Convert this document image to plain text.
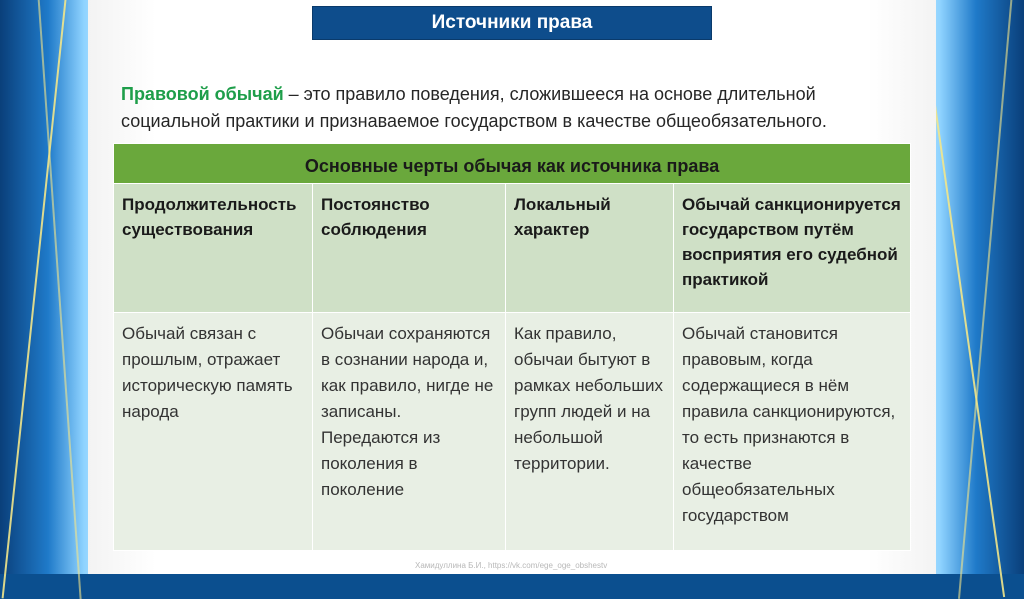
Источники права
Правовой обычай – это правило поведения, сложившееся на основе длительной социальной практики и признаваемое государством в качестве общеобязательного.
Основные черты обычая как источника права			
Продолжительность существования	Постоянство соблюдения	Локальный характер	Обычай санкционируется государством путём восприятия его судебной практикой
Обычай связан с прошлым, отражает историческую память народа	Обычаи сохраняются в сознании народа и, как правило, нигде не записаны. Передаются из поколения в поколение	Как правило, обычаи бытуют в рамках небольших групп людей и на небольшой территории.	Обычай становится правовым, когда содержащиеся в нём правила санкционируются, то есть признаются в качестве общеобязательных государством
Хамидуллина Б.И., https://vk.com/ege_oge_obshestv
